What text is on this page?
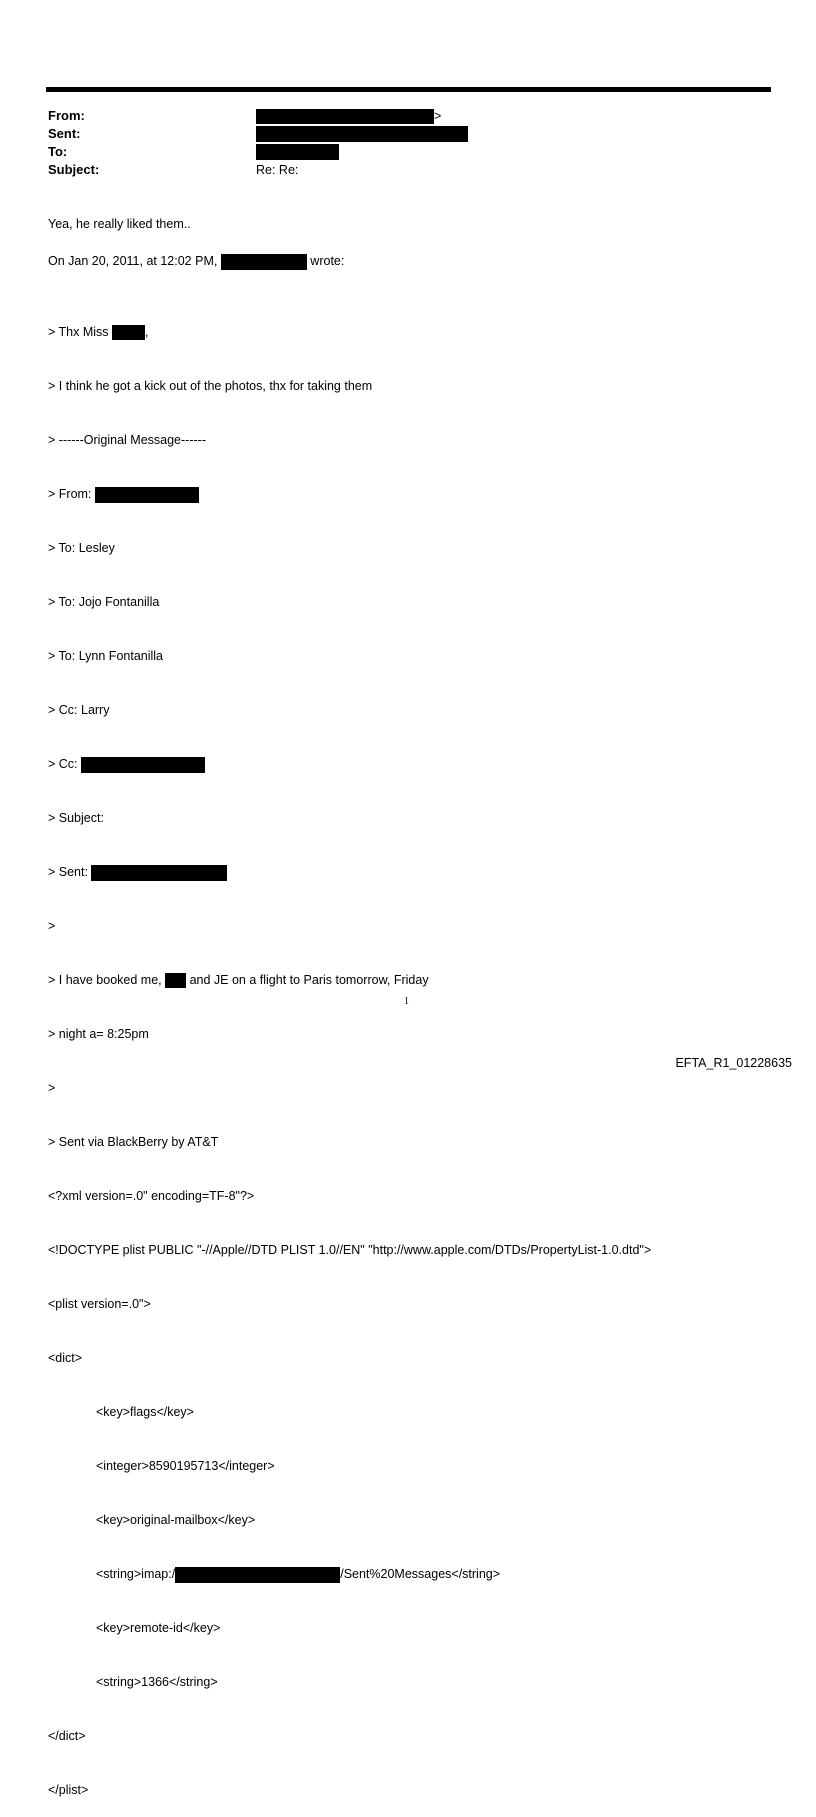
From:	>
Sent:
To:
Subject:	Re: Re:
Yea, he really liked them..
On Jan 20, 2011, at 12:02 PM,	wrote:

> Thx Miss	,

> I think he got a kick out of the photos, thx for taking them

> ------Original Message------

> From:

> To: Lesley

> To: Jojo Fontanilla

> To: Lynn Fontanilla

> Cc: Larry

> Cc:

> Subject:

> Sent:

>

> I have booked me, and JE on a flight to Paris tomorrow, Friday

> night a= 8:25pm

>

> Sent via BlackBerry by AT&T

<?xml version=.0" encoding=TF-8"?>

<!DOCTYPE plist PUBLIC "-//Apple//DTD PLIST 1.0//EN" "http://www.apple.com/DTDs/PropertyList-1.0.dtd">

<plist version=.0">

<dict>

<key>flags</key>

<integer>8590195713</integer>

<key>original-mailbox</key>

<string>imap:/	/Sent%20Messages</string>

<key>remote-id</key>

<string>1366</string>

</dict>

</plist>

1
EFTA_R1_01228635
